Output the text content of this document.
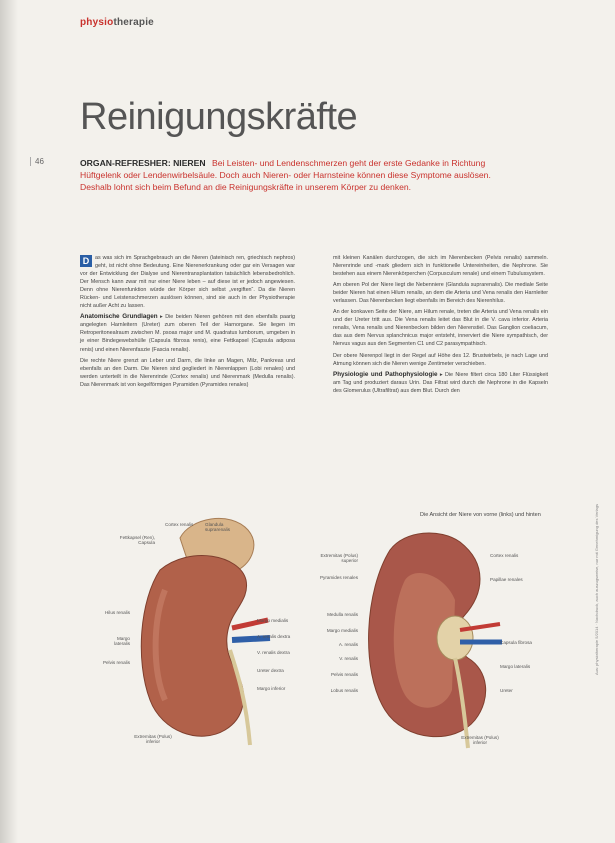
physiotherapie
46
Reinigungskräfte
ORGAN-REFRESHER: NIEREN Bei Leisten- und Lendenschmerzen geht der erste Gedanke in Richtung Hüftgelenk oder Lendenwirbelsäule. Doch auch Nieren- oder Harnsteine können diese Symptome auslösen. Deshalb lohnt sich beim Befund an die Reinigungskräfte in unserem Körper zu denken.

D	as was sich im Sprachgebrauch an die Nieren (lateinisch ren, griechisch nephros) geht, ist nicht ohne Bedeutung. Eine Nierenerkrankung oder gar ein Versagen war vor der Entwicklung der Dialyse und Nierentransplantation tatsächlich lebensbedrohlich. Der Mensch kann zwar mit nur einer Niere leben – auf diese ist er jedoch angewiesen. Denn ohne Nierenfunktion würde der Körper sich selbst „vergiften“. Da die Nieren Rücken- und Leistenschmerzen auslösen können, sind sie auch in der Physiotherapie nicht außer Acht zu lassen.

Anatomische Grundlagen ▸ Die beiden Nieren gehören mit den ebenfalls paarig angelegten Harnleitern (Ureter) zum oberen Teil der Harnorgane. Sie liegen im Retroperitonealraum zwischen M. psoas major und M. quadratus lumborum, umgeben in je einer Bindegewebshülle (Capsula fibrosa renis), eine Fettkapsel (Capsula adiposa renis) und einen Nierenfaszie (Fascia renalis).

Die rechte Niere grenzt an Leber und Darm, die linke an Magen, Milz, Pankreas und ebenfalls an den Darm. Die Nieren sind gegliedert in Nierenlappen (Lobi renales) und werden unterteilt in die Nierenrinde (Cortex renalis) und Nierenmark (Medulla renalis). Das Nierenmark ist von kegelförmigen Pyramiden (Pyramides renales)

mit kleinen Kanälen durchzogen, die sich im Nierenbecken (Pelvis renalis) sammeln. Nierenrinde und -mark gliedern sich in funktionelle Untereinheiten, die Nephrone. Sie bestehen aus einem Nierenkörperchen (Corpusculum renale) und einem Tubulussystem.

Am oberen Pol der Niere liegt die Nebenniere (Glandula suprarenalis). Die mediale Seite beider Nieren hat einen Hilum renalis, an dem die Arteria und Vena renalis den Harnleiter verlassen. Das Nierenbecken liegt ebenfalls im Bereich des Nierenhilus.

An der konkaven Seite der Niere, am Hilum renale, treten die Arteria und Vena renalis ein und der Ureter tritt aus. Die Vena renalis leitet das Blut in die V. cava inferior. Arteria renalis, Vena renalis und Nierenbecken bilden den Nierenstiel. Das Ganglion coeliacum, das aus dem Nervus splanchnicus major entsteht, innerviert die Niere sympathisch, der Nervus vagus aus den Segmenten C1 und C2 parasympathisch.

Der obere Nierenpol liegt in der Regel auf Höhe des 12. Brustwirbels, je nach Lage und Atmung können sich die Nieren wenige Zentimeter verschieben.

Physiologie und Pathophysiologie ▸ Die Niere filtert circa 180 Liter Flüssigkeit am Tag und produziert daraus Urin. Das Filtrat wird durch die Nephrone in die Kapseln des Glomerulus (Ultrafiltrat) aus dem Blut. Durch den

Die Ansicht der Niere von vorne (links) und hinten
Fettkapsel (Ren), Capsula
Cortex renalis	Glandula suprarenalis
Hilus renalis
Margo lateralis
Pelvis renalis
Margo medialis
A. renalis dextra
V. renalis dextra
Ureter dextra
Margo inferior
Extremitas (Polus) inferior
Extremitas (Polus) superior
Pyramides renales
Cortex renalis
Papillae renales
Medulla renalis
Margo medialis
A. renalis
V. renalis
Pelvis renalis
Capsula fibrosa
Margo lateralis
Ureter
Lobus renalis
Extremitas (Polus) inferior
Aus: physiotherapie 5/2014 · Nachdruck, auch auszugsweise, nur mit Genehmigung des Verlags
